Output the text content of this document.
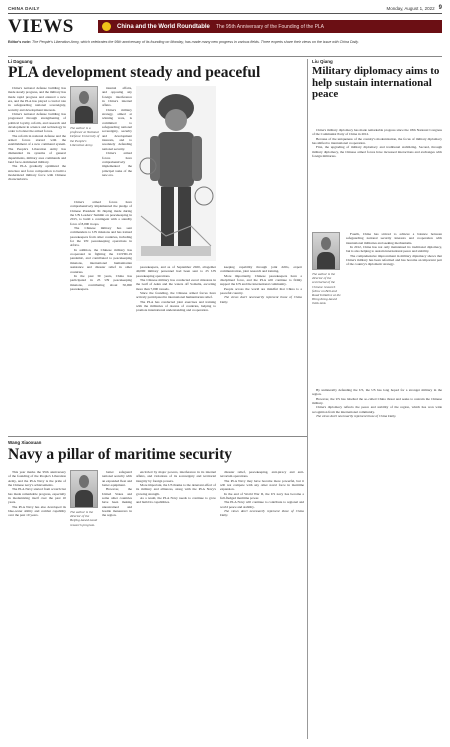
CHINA DAILY	Monday, August 1, 2022 9
VIEWS	China and the World Roundtable The 95th Anniversary of the Founding of the PLA
Editor's note: The People's Liberation Army, which celebrates the 95th anniversary of its founding on Monday, has made many new progress in various fields. Three experts share their views on the issue with China Daily.
Li Daguang
PLA development steady and peaceful

China's national defense building has made steady progress, and the military has made rapid progress and entered a new era, and the PLA has played a crucial role in safeguarding national sovereignty, security and development interests.

China's national defense building has progressed through strengthening of political loyalty, reform, and research and development in science and technology in order to bolster the armed forces.

The reform in national defense and the armed forces started with the establishment of a new command system. The People's Liberation Army has dismantled its systems of general departments, military area commands and land force-dominated military.

The PLA gradually optimized the structure and force composition to build a modernized military force with Chinese characteristics.

The author is a professor at National Defense University of the People's Liberation Army.

internal affairs, and opposing any foreign interference in China's internal affairs.

China's military strategy, aimed at winning wars, is committed to safeguarding national sovereignty, security and development interests, and to resolutely defending national security.

China's armed forces have comprehensively implemented the principal tasks of the new era.

China's armed forces have comprehensively implemented the pledge of Chinese President Xi Jinping made during the UN Leaders' Summit on peacekeeping in 2015, to build a contingent with a standby force of 8,000 troops.

The Chinese military has sent commanders to UN missions and has trained peacekeepers from other countries, including for the UN peacekeeping operations in Africa.

In addition, the Chinese military has cooperated in fighting the COVID-19 pandemic, and contributed to peacekeeping missions, international humanitarian assistance and disaster relief in other countries.

In the past 30 years, China has participated in 25 UN peacekeeping missions, contributing about 50,000 peacekeepers.

peacekeepers, and as of September 2020, altogether 40,000 military personnel had been sent to 25 UN peacekeeping operations.

The Chinese military has conducted escort missions in the Gulf of Aden and the waters off Somalia, escorting more than 7,000 vessels.

Since the founding, the Chinese armed forces have actively participated in international humanitarian relief.

The PLA has conducted joint exercises and training with the militaries of dozens of countries, helping to promote international understanding and cooperation.

keeping capability through joint drills, expert communication, joint research and training.

More importantly, Chinese peacekeepers have a disciplined force, and the PLA will continue to firmly support the UN and the international community.

People across the world are mindful that China is a peaceful country.

The views don't necessarily represent those of China Daily.

Liu Qiang
Military diplomacy aims to help sustain international peace

China's military diplomacy has made remarkable progress since the 18th National Congress of the Communist Party of China in 2012.

Because of the uniqueness of the country's modernization, the focus of military diplomacy has shifted to international cooperation.

First, the upgrading of military diplomacy and traditional stabilizing. Second, through military diplomacy, the Chinese armed forces have increased interactions and exchanges with foreign militaries.

The author is the director of the secretariat of the Chinese research fellow on Belt and Road Initiative at the Hong Kong-based think tank.

Fourth, China has strived to achieve a balance between safeguarding national security interests and cooperation with international militaries and seeking mechanisms.

In 2012, China has not only maintained its traditional diplomacy, but is also helping to sustain international peace and stability.

The comprehensive improvement in military diplomacy shows that China's military has been reformed and has become an important part of the country's diplomatic strategy.

By unilaterally defending the US, the US has long hoped for a stronger military in the region.

However, the US has labelled the so-called China threat and seeks to restrain the Chinese military.

China's diplomacy reflects the peace and stability of the region, which has won wide recognition from the international community.

The views don't necessarily represent those of China Daily.

Wang Xiaoxuan
Navy a pillar of maritime security

This year marks the 95th anniversary of the founding of the People's Liberation Army, and the PLA Navy is the pride of the Chinese navy's achievements.

The PLA Navy started from scratch but has made remarkable progress, especially in modernizing itself over the past 10 years.

The PLA Navy has also developed its blue-water ability and combat capability over the past 10 years.

The author is the director of the Beijing-based naval research program.

better safeguard national security with an expanded fleet and better equipment.

However, the United States and some other countries have been making unrestrained and hostile maneuvers in the region.

encircled by major powers, interference in its internal affairs, and violations of its sovereignty and territorial integrity by foreign powers.

More important, the US thanks to the deterrent effect of its military and alliances, along with the PLA Navy's growing strength.

As a result, the PLA Navy needs to continue to grow and build its capabilities.

disaster relief, peacekeeping, anti-piracy and anti-terrorism operations.

The PLA Navy may have become more powerful, but it will not compete with any other naval force in maritime expansion.

In the end of World War II, the US navy has become a full-fledged maritime power.

The PLA Navy will continue to contribute to regional and world peace and stability.

The views don't necessarily represent those of China Daily.
